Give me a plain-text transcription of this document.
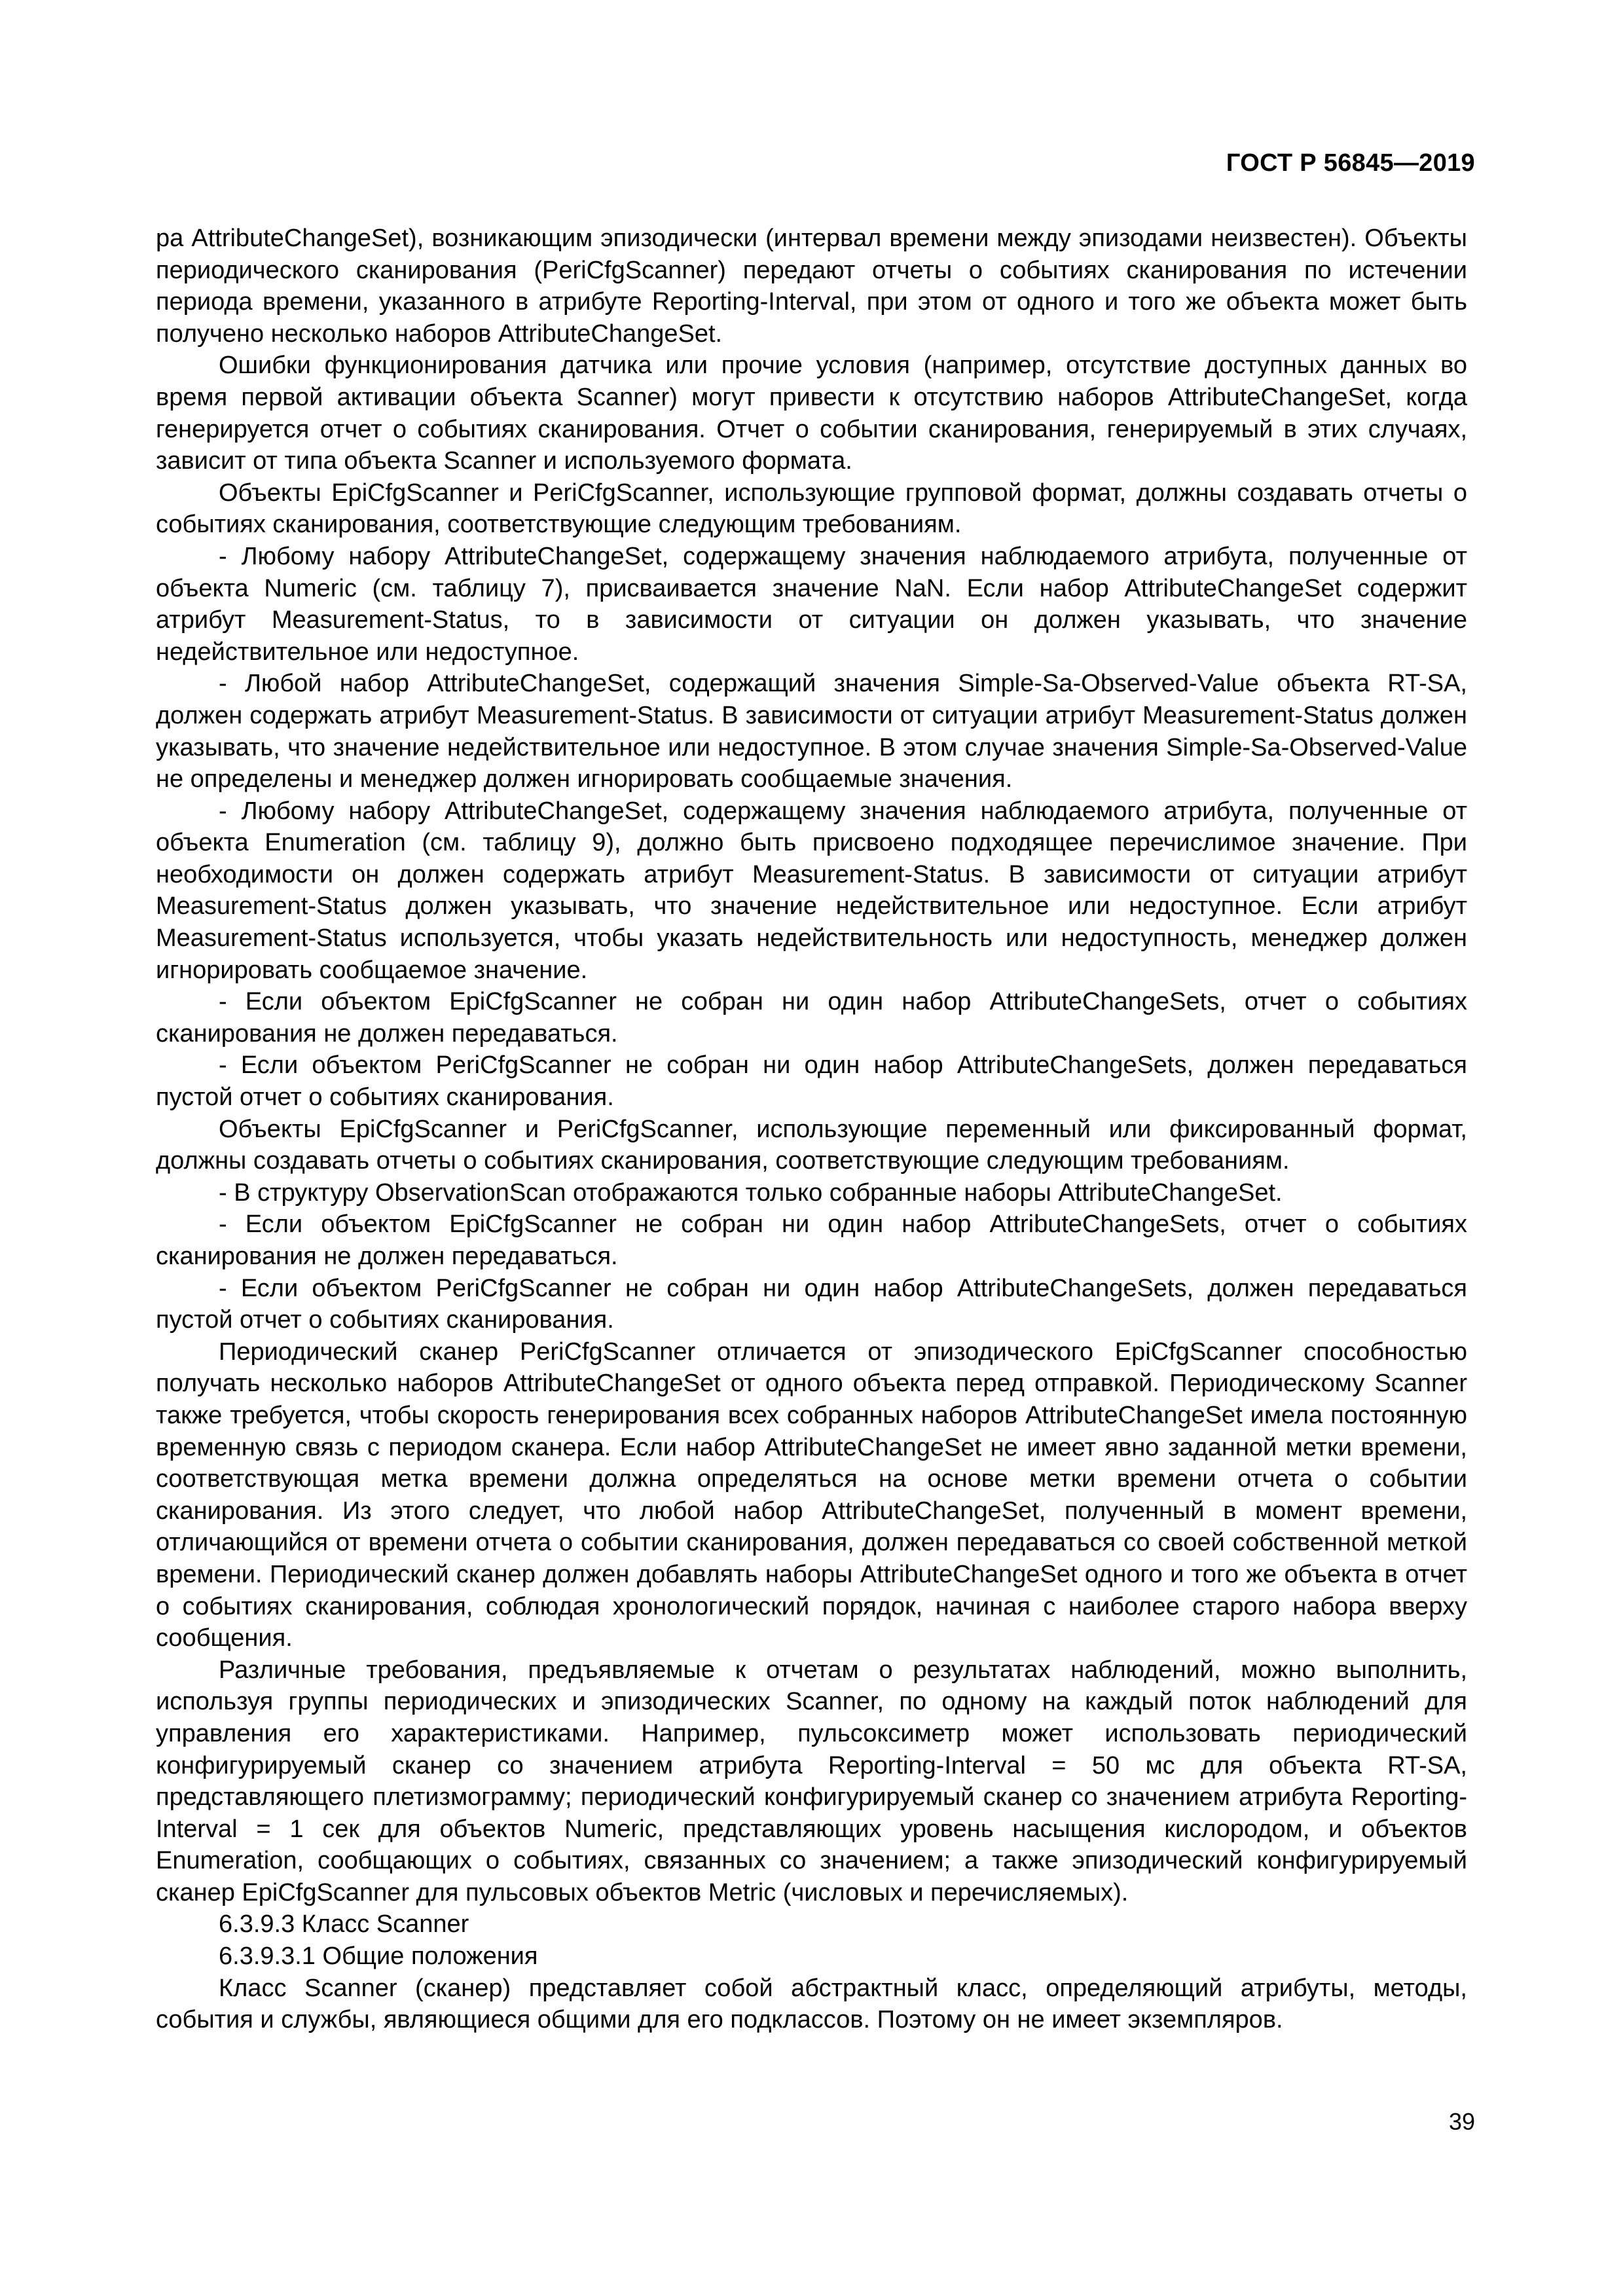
ГОСТ Р 56845—2019

ра AttributeChangeSet), возникающим эпизодически (интервал времени между эпизодами неизвестен). Объекты периодического сканирования (PeriCfgScanner) передают отчеты о событиях сканирования по истечении периода времени, указанного в атрибуте Reporting-Interval, при этом от одного и того же объекта может быть получено несколько наборов AttributeChangeSet.

Ошибки функционирования датчика или прочие условия (например, отсутствие доступных данных во время первой активации объекта Scanner) могут привести к отсутствию наборов AttributeChangeSet, когда генерируется отчет о событиях сканирования. Отчет о событии сканирования, генерируемый в этих случаях, зависит от типа объекта Scanner и используемого формата.

Объекты EpiCfgScanner и PeriCfgScanner, использующие групповой формат, должны создавать отчеты о событиях сканирования, соответствующие следующим требованиям.

- Любому набору AttributeChangeSet, содержащему значения наблюдаемого атрибута, полученные от объекта Numeric (см. таблицу 7), присваивается значение NaN. Если набор AttributeChangeSet содержит атрибут Measurement-Status, то в зависимости от ситуации он должен указывать, что значение недействительное или недоступное.

- Любой набор AttributeChangeSet, содержащий значения Simple-Sa-Observed-Value объекта RT-SA, должен содержать атрибут Measurement-Status. В зависимости от ситуации атрибут Measurement-Status должен указывать, что значение недействительное или недоступное. В этом случае значения Simple-Sa-Observed-Value не определены и менеджер должен игнорировать сообщаемые значения.

- Любому набору AttributeChangeSet, содержащему значения наблюдаемого атрибута, полученные от объекта Enumeration (см. таблицу 9), должно быть присвоено подходящее перечислимое значение. При необходимости он должен содержать атрибут Measurement-Status. В зависимости от ситуации атрибут Measurement-Status должен указывать, что значение недействительное или недоступное. Если атрибут Measurement-Status используется, чтобы указать недействительность или недоступность, менеджер должен игнорировать сообщаемое значение.

- Если объектом EpiCfgScanner не собран ни один набор AttributeChangeSets, отчет о событиях сканирования не должен передаваться.

- Если объектом PeriCfgScanner не собран ни один набор AttributeChangeSets, должен передаваться пустой отчет о событиях сканирования.

Объекты EpiCfgScanner и PeriCfgScanner, использующие переменный или фиксированный формат, должны создавать отчеты о событиях сканирования, соответствующие следующим требованиям.

- В структуру ObservationScan отображаются только собранные наборы AttributeChangeSet.

- Если объектом EpiCfgScanner не собран ни один набор AttributeChangeSets, отчет о событиях сканирования не должен передаваться.

- Если объектом PeriCfgScanner не собран ни один набор AttributeChangeSets, должен передаваться пустой отчет о событиях сканирования.

Периодический сканер PeriCfgScanner отличается от эпизодического EpiCfgScanner способностью получать несколько наборов AttributeChangeSet от одного объекта перед отправкой. Периодическому Scanner также требуется, чтобы скорость генерирования всех собранных наборов AttributeChangeSet имела постоянную временную связь с периодом сканера. Если набор AttributeChangeSet не имеет явно заданной метки времени, соответствующая метка времени должна определяться на основе метки времени отчета о событии сканирования. Из этого следует, что любой набор AttributeChangeSet, полученный в момент времени, отличающийся от времени отчета о событии сканирования, должен передаваться со своей собственной меткой времени. Периодический сканер должен добавлять наборы AttributeChangeSet одного и того же объекта в отчет о событиях сканирования, соблюдая хронологический порядок, начиная с наиболее старого набора вверху сообщения.

Различные требования, предъявляемые к отчетам о результатах наблюдений, можно выполнить, используя группы периодических и эпизодических Scanner, по одному на каждый поток наблюдений для управления его характеристиками. Например, пульсоксиметр может использовать периодический конфигурируемый сканер со значением атрибута Reporting-Interval = 50 мс для объекта RT-SA, представляющего плетизмограмму; периодический конфигурируемый сканер со значением атрибута Reporting-Interval = 1 сек для объектов Numeric, представляющих уровень насыщения кислородом, и объектов Enumeration, сообщающих о событиях, связанных со значением; а также эпизодический конфигурируемый сканер EpiCfgScanner для пульсовых объектов Metric (числовых и перечисляемых).

6.3.9.3 Класс Scanner

6.3.9.3.1 Общие положения

Класс Scanner (сканер) представляет собой абстрактный класс, определяющий атрибуты, методы, события и службы, являющиеся общими для его подклассов. Поэтому он не имеет экземпляров.

39
